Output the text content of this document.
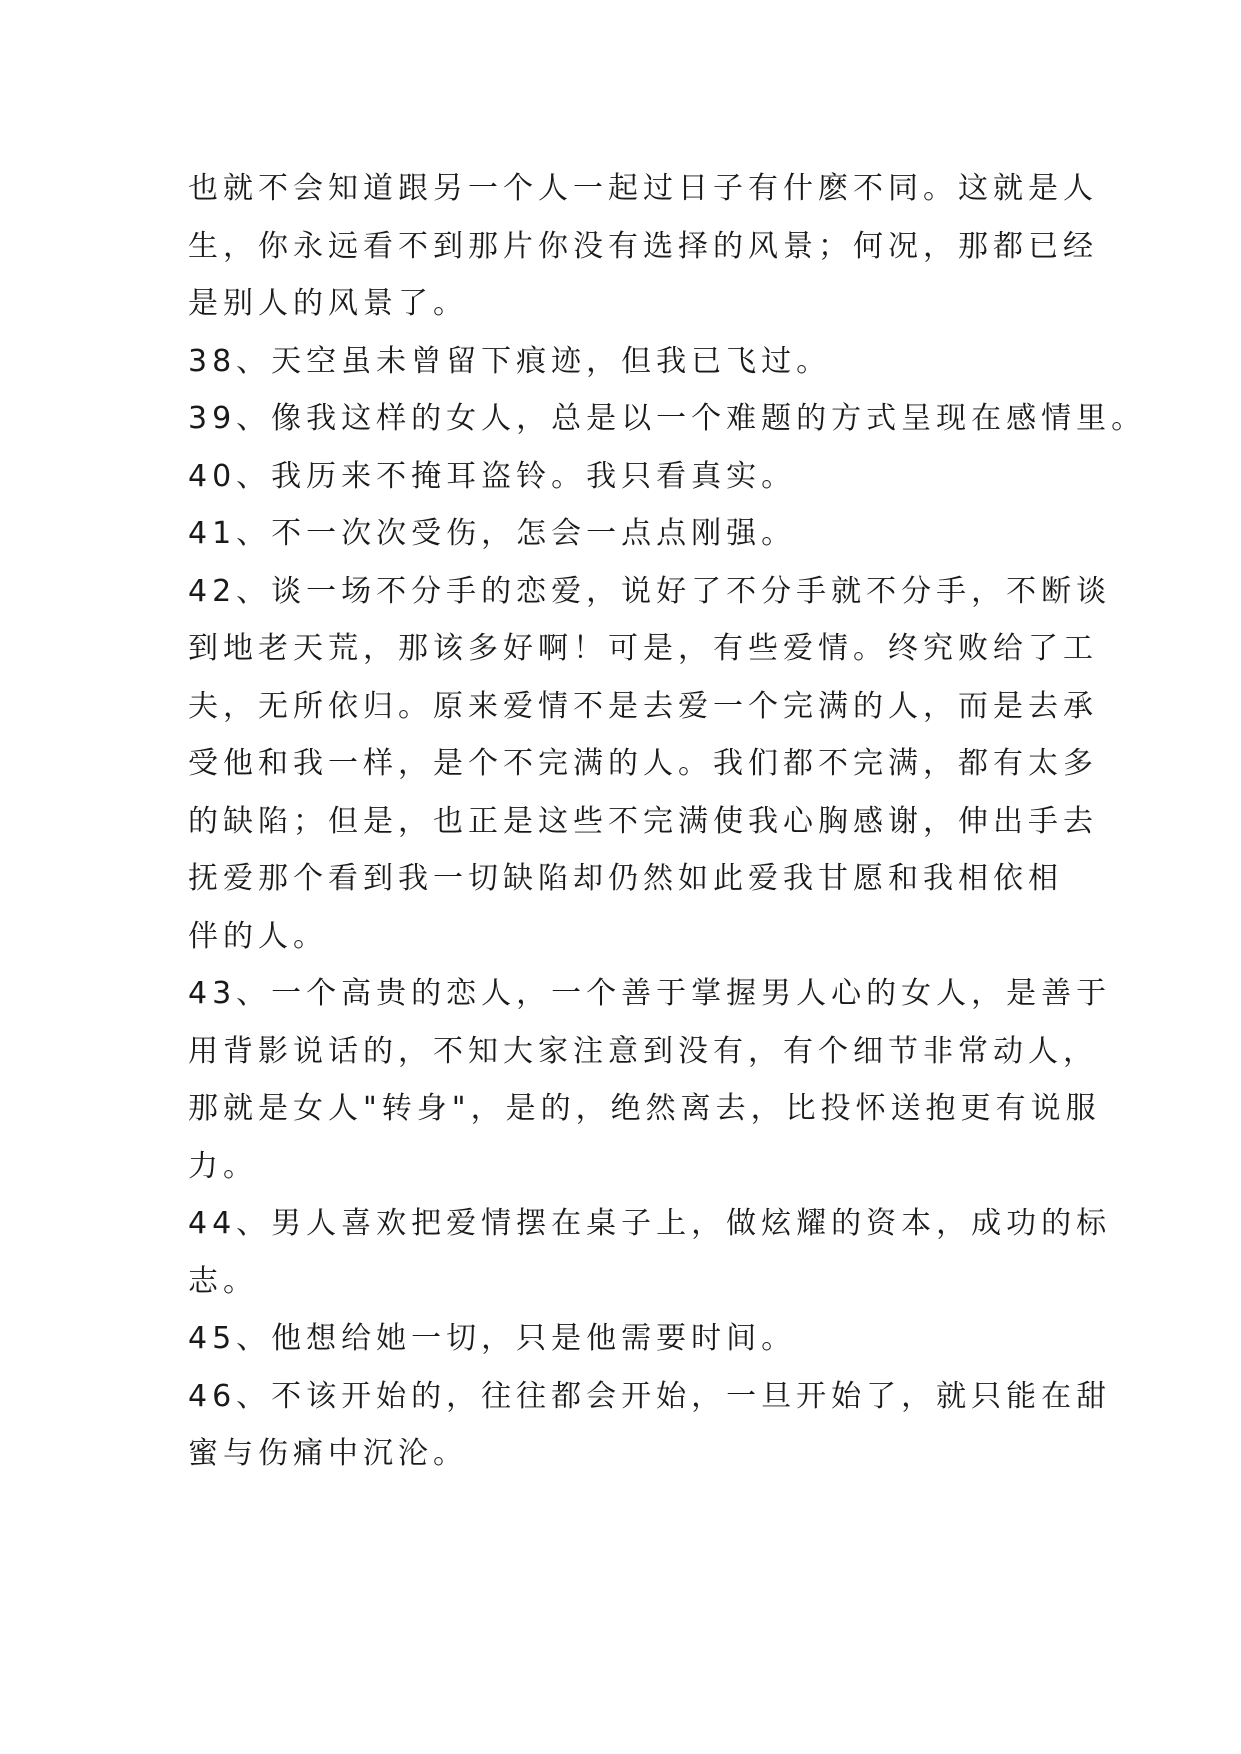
也就不会知道跟另一个人一起过日子有什麽不同。这就是人
生，你永远看不到那片你没有选择的风景；何况，那都已经
是别人的风景了。
38、天空虽未曾留下痕迹，但我已飞过。
39、像我这样的女人，总是以一个难题的方式呈现在感情里。
40、我历来不掩耳盗铃。我只看真实。
41、不一次次受伤，怎会一点点刚强。
42、谈一场不分手的恋爱，说好了不分手就不分手，不断谈
到地老天荒，那该多好啊！可是，有些爱情。终究败给了工
夫，无所依归。原来爱情不是去爱一个完满的人，而是去承
受他和我一样，是个不完满的人。我们都不完满，都有太多
的缺陷；但是，也正是这些不完满使我心胸感谢，伸出手去
抚爱那个看到我一切缺陷却仍然如此爱我甘愿和我相依相
伴的人。
43、一个高贵的恋人，一个善于掌握男人心的女人，是善于
用背影说话的，不知大家注意到没有，有个细节非常动人，
那就是女人"转身"，是的，绝然离去，比投怀送抱更有说服
力。
44、男人喜欢把爱情摆在桌子上，做炫耀的资本，成功的标
志。
45、他想给她一切，只是他需要时间。
46、不该开始的，往往都会开始，一旦开始了，就只能在甜
蜜与伤痛中沉沦。
